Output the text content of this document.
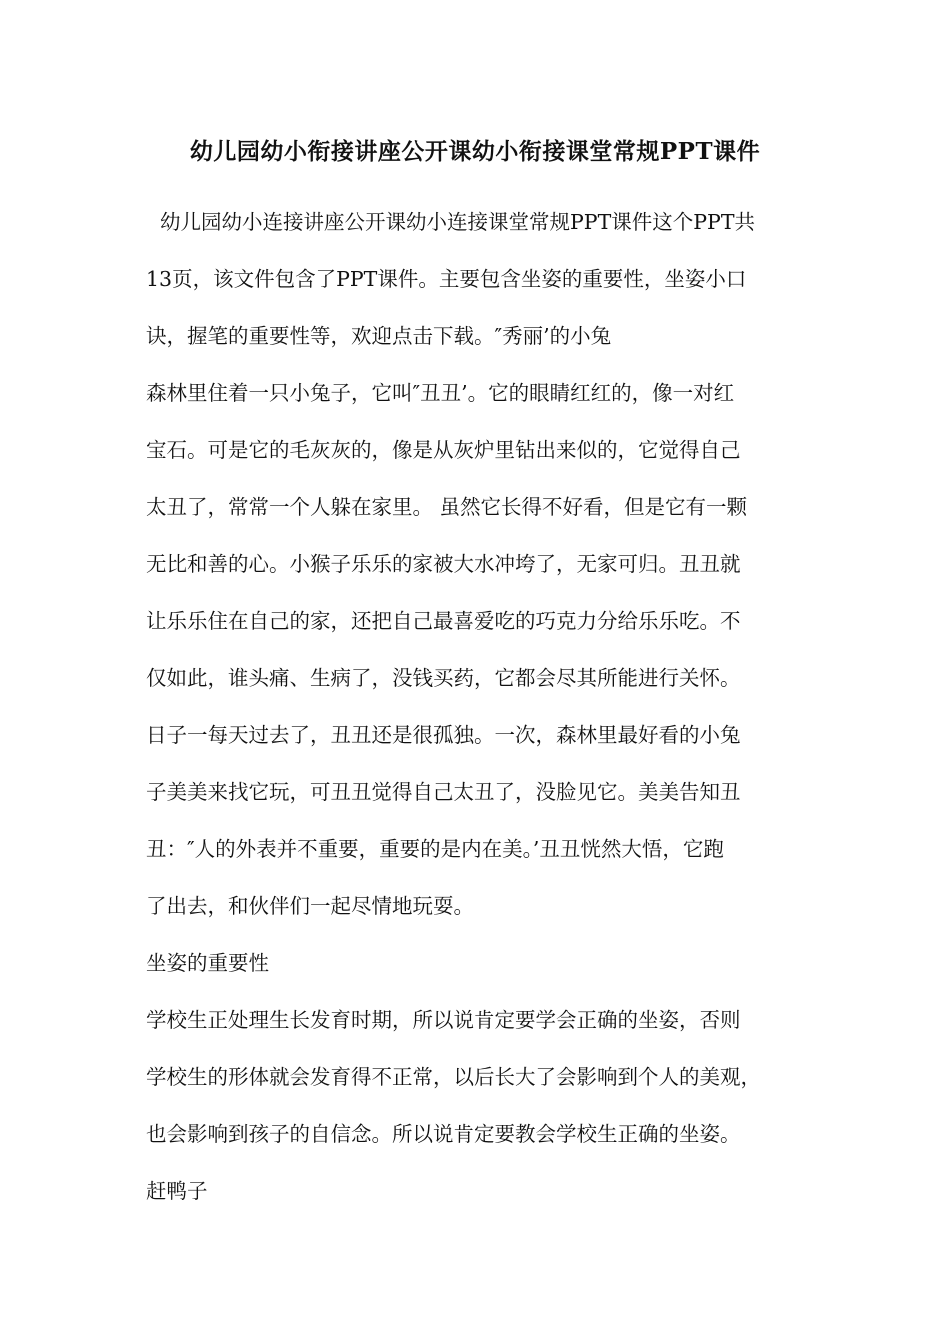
幼儿园幼小衔接讲座公开课幼小衔接课堂常规PPT课件
幼儿园幼小连接讲座公开课幼小连接课堂常规PPT课件这个PPT共
13页，该文件包含了PPT课件。主要包含坐姿的重要性，坐姿小口
诀，握笔的重要性等，欢迎点击下载。″秀丽’的小兔
森林里住着一只小兔子，它叫″丑丑’。它的眼睛红红的，像一对红
宝石。可是它的毛灰灰的，像是从灰炉里钻出来似的，它觉得自己
太丑了，常常一个人躲在家里。 虽然它长得不好看，但是它有一颗
无比和善的心。小猴子乐乐的家被大水冲垮了，无家可归。丑丑就
让乐乐住在自己的家，还把自己最喜爱吃的巧克力分给乐乐吃。不
仅如此，谁头痛、生病了，没钱买药，它都会尽其所能进行关怀。
日子一每天过去了，丑丑还是很孤独。一次，森林里最好看的小兔
子美美来找它玩，可丑丑觉得自己太丑了，没脸见它。美美告知丑
丑：″人的外表并不重要，重要的是内在美。’丑丑恍然大悟，它跑
了出去，和伙伴们一起尽情地玩耍。
坐姿的重要性
学校生正处理生长发育时期，所以说肯定要学会正确的坐姿，否则
学校生的形体就会发育得不正常，以后长大了会影响到个人的美观，
也会影响到孩子的自信念。所以说肯定要教会学校生正确的坐姿。
赶鸭子
